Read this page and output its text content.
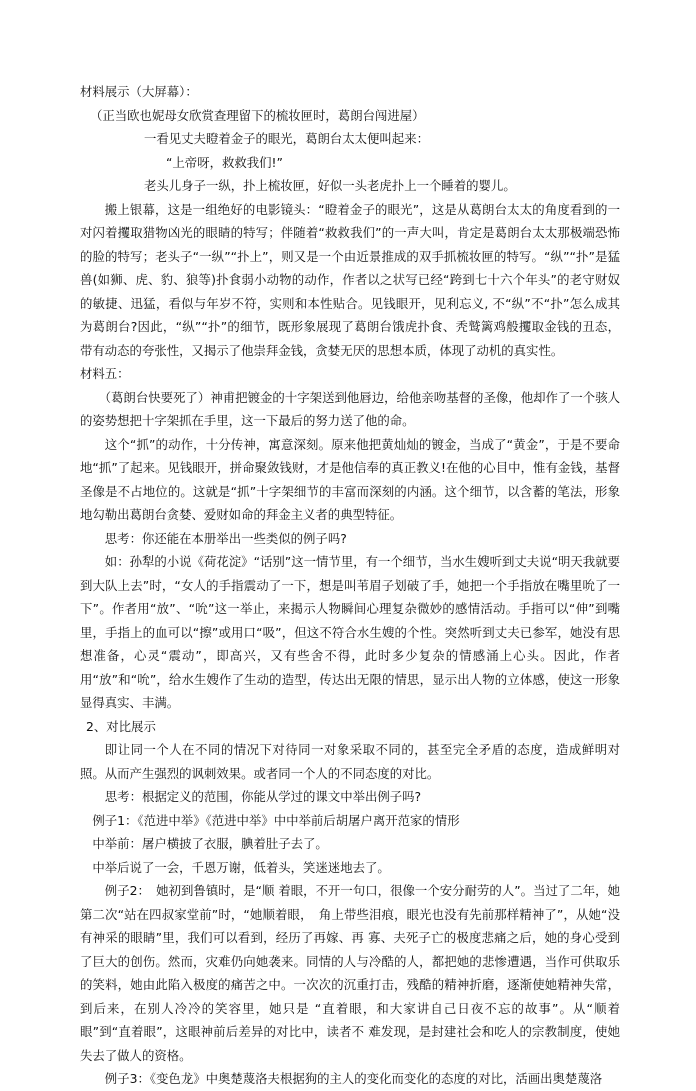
材料展示（大屏幕）：

（正当欧也妮母女欣赏查理留下的梳妆匣时，葛朗台闯进屋）

一看见丈夫瞪着金子的眼光，葛朗台太太便叫起来：

“上帝呀，救救我们!”

老头儿身子一纵，扑上梳妆匣，好似一头老虎扑上一个睡着的婴儿。

搬上银幕，这是一组绝好的电影镜头：“瞪着金子的眼光”，这是从葛朗台太太的角度看到的一对闪着攫取猎物凶光的眼睛的特写；伴随着“救救我们”的一声大叫，肯定是葛朗台太太那极端恐怖的脸的特写；老头子“一纵”“扑上”，则又是一个由近景推成的双手抓梳妆匣的特写。“纵”“扑”是猛兽(如狮、虎、豹、狼等)扑食弱小动物的动作，作者以之状写已经“跨到七十六个年头”的老守财奴的敏捷、迅猛，看似与年岁不符，实则和本性贴合。见钱眼开，见利忘义, 不“纵”不“扑”怎么成其为葛朗台?因此，“纵”“扑”的细节，既形象展现了葛朗台饿虎扑食、秃鹫篱鸡般攫取金钱的丑态，带有动态的夸张性，又揭示了他崇拜金钱，贪婪无厌的思想本质，体现了动机的真实性。

材料五：

（葛朗台快要死了）神甫把镀金的十字架送到他唇边，给他亲吻基督的圣像，他却作了一个骇人的姿势想把十字架抓在手里，这一下最后的努力送了他的命。

这个“抓”的动作，十分传神，寓意深刻。原来他把黄灿灿的镀金，当成了“黄金”，于是不要命地“抓”了起来。见钱眼开，拼命聚敛钱财，才是他信奉的真正教义!在他的心目中，惟有金钱，基督圣像是不占地位的。这就是“抓”十字架细节的丰富而深刻的内涵。这个细节，以含蓄的笔法，形象地勾勒出葛朗台贪婪、爱财如命的拜金主义者的典型特征。

思考：你还能在本册举出一些类似的例子吗?

如：孙犁的小说《荷花淀》“话别”这一情节里，有一个细节，当水生嫂听到丈夫说“明天我就要到大队上去”时，“女人的手指震动了一下，想是叫苇眉子划破了手，她把一个手指放在嘴里吮了一下”。作者用“放”、“吮”这一举止，来揭示人物瞬间心理复杂微妙的感情活动。手指可以“伸”到嘴里，手指上的血可以“擦”或用口“吸”，但这不符合水生嫂的个性。突然听到丈夫已参军，她没有思想准备，心灵“震动”，即高兴，又有些舍不得，此时多少复杂的情感涌上心头。因此，作者用“放”和“吮”，给水生嫂作了生动的造型，传达出无限的情思，显示出人物的立体感，使这一形象显得真实、丰满。

2、对比展示

即让同一个人在不同的情况下对待同一对象采取不同的，甚至完全矛盾的态度，造成鲜明对照。从而产生强烈的讽刺效果。或者同一个人的不同态度的对比。

思考：根据定义的范围，你能从学过的课文中举出例子吗?

例子1：《范进中举》《范进中举》中中举前后胡屠户离开范家的情形

中举前：屠户横披了衣服，腆着肚子去了。

中举后说了一会，千恩万谢，低着头，笑迷迷地去了。

例子2：　她初到鲁镇时，是“顺 着眼，不开一句口，很像一个安分耐劳的人”。当过了二年，她第二次“站在四叔家堂前”时，“她顺着眼，　角上带些泪痕，眼光也没有先前那样精神了”，从她“没有神采的眼睛”里，我们可以看到，经历了再嫁、再 寡、夫死子亡的极度悲痛之后，她的身心受到了巨大的创伤。然而，灾难仍向她袭来。同情的人与冷酷的人，都把她的悲惨遭遇，当作可供取乐的笑料，她由此陷入极度的痛苦之中。一次次的沉重打击，残酷的精神折磨，逐渐使她精神失常，到后来，在别人冷冷的笑容里，她只是 “直着眼，和大家讲自己日夜不忘的故事”。从“顺着眼”到“直着眼”，这眼神前后差异的对比中，读者不 难发现，是封建社会和吃人的宗教制度，使她失去了做人的资格。

例子3：《变色龙》中奥楚蔑洛夫根据狗的主人的变化而变化的态度的对比，活画出奥楚蔑洛
